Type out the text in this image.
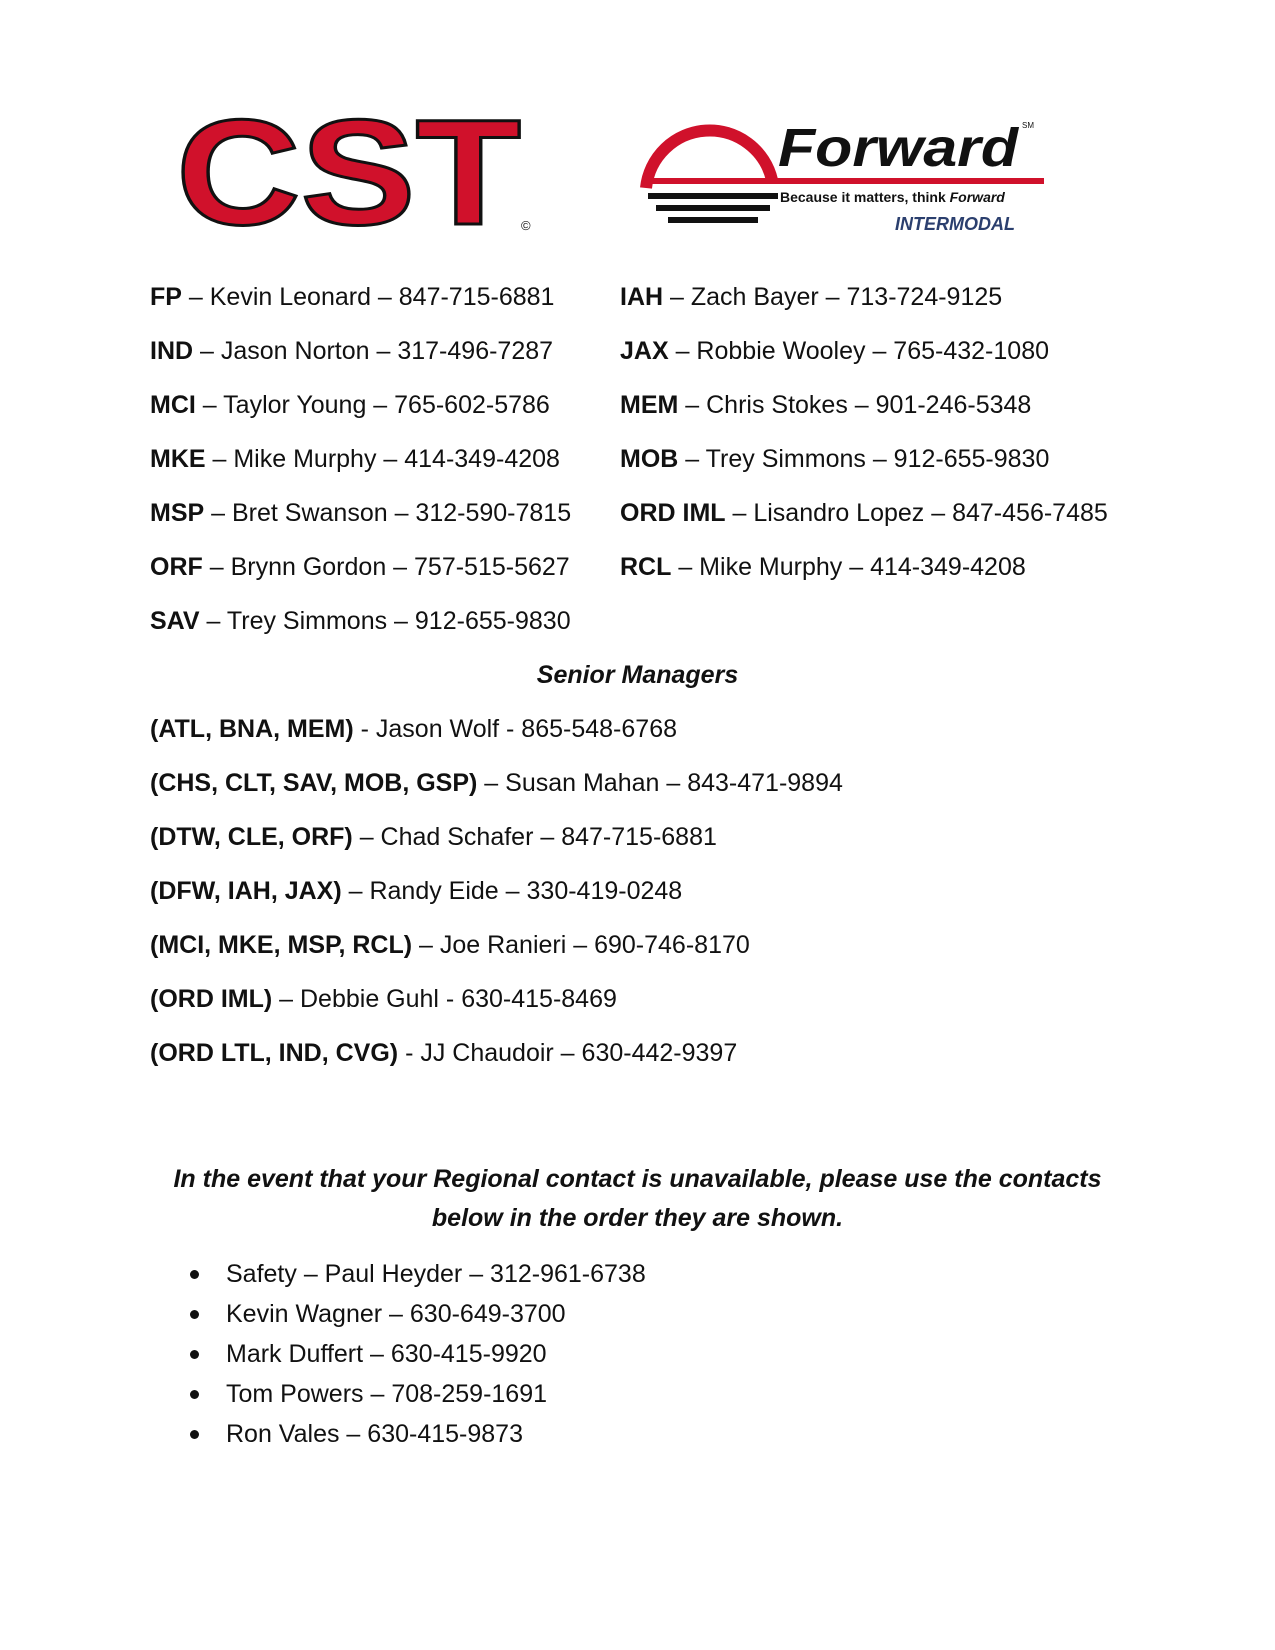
CST ©
Forward SM
Because it matters, think Forward
INTERMODAL
FP – Kevin Leonard – 847-715-6881
IND – Jason Norton – 317-496-7287
MCI – Taylor Young – 765-602-5786
MKE – Mike Murphy – 414-349-4208
MSP – Bret Swanson – 312-590-7815
ORF – Brynn Gordon – 757-515-5627
SAV – Trey Simmons – 912-655-9830
IAH – Zach Bayer – 713-724-9125
JAX – Robbie Wooley – 765-432-1080
MEM – Chris Stokes – 901-246-5348
MOB – Trey Simmons – 912-655-9830
ORD IML – Lisandro Lopez – 847-456-7485
RCL – Mike Murphy – 414-349-4208
Senior Managers
(ATL, BNA, MEM) - Jason Wolf - 865-548-6768
(CHS, CLT, SAV, MOB, GSP) – Susan Mahan – 843-471-9894
(DTW, CLE, ORF) – Chad Schafer – 847-715-6881
(DFW, IAH, JAX) – Randy Eide – 330-419-0248
(MCI, MKE, MSP, RCL) – Joe Ranieri – 690-746-8170
(ORD IML) – Debbie Guhl - 630-415-8469
(ORD LTL, IND, CVG) - JJ Chaudoir – 630-442-9397
In the event that your Regional contact is unavailable, please use the contacts below in the order they are shown.
Safety – Paul Heyder – 312-961-6738
Kevin Wagner – 630-649-3700
Mark Duffert – 630-415-9920
Tom Powers – 708-259-1691
Ron Vales – 630-415-9873
